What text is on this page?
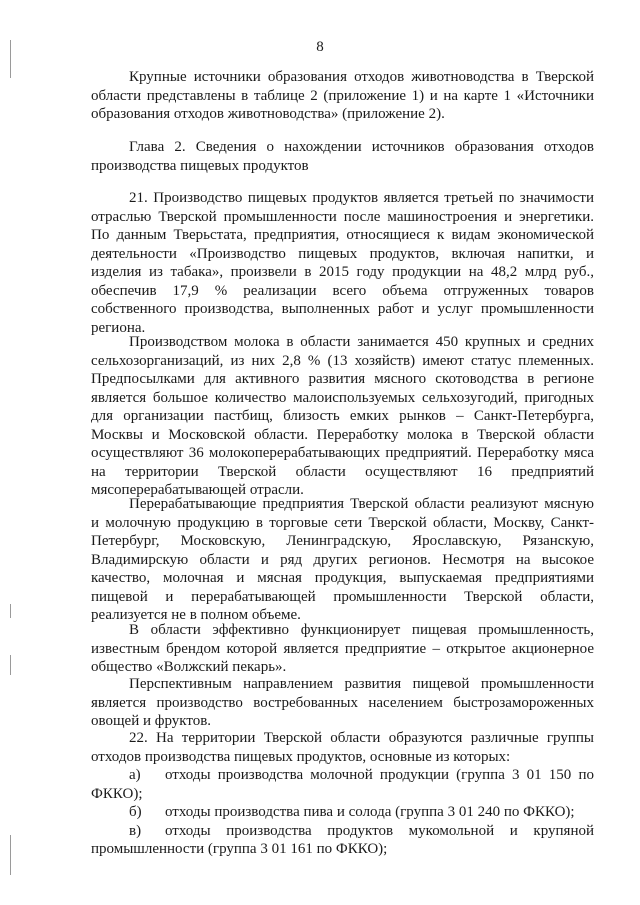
8
Крупные источники образования отходов животноводства в Тверской
области представлены в таблице 2 (приложение 1) и на карте 1 «Источники
образования отходов животноводства» (приложение 2).
Глава 2. Сведения о нахождении источников образования отходов
производства пищевых продуктов
21. Производство пищевых продуктов является третьей по значимости
отраслью Тверской промышленности после машиностроения и энергетики.
По данным Тверьстата, предприятия, относящиеся к видам экономической
деятельности «Производство пищевых продуктов, включая напитки, и
изделия из табака», произвели в 2015 году продукции на 48,2 млрд руб.,
обеспечив 17,9 % реализации всего объема отгруженных товаров
собственного производства, выполненных работ и услуг промышленности
региона.
Производством молока в области занимается 450 крупных и средних
сельхозорганизаций, из них 2,8 % (13 хозяйств) имеют статус племенных.
Предпосылками для активного развития мясного скотоводства в регионе
является большое количество малоиспользуемых сельхозугодий, пригодных
для организации пастбищ, близость емких рынков – Санкт-Петербурга,
Москвы и Московской области. Переработку молока в Тверской области
осуществляют 36 молокоперерабатывающих предприятий. Переработку мяса
на территории Тверской области осуществляют 16 предприятий
мясоперерабатывающей отрасли.
Перерабатывающие предприятия Тверской области реализуют мясную
и молочную продукцию в торговые сети Тверской области, Москву, Санкт-
Петербург, Московскую, Ленинградскую, Ярославскую, Рязанскую,
Владимирскую области и ряд других регионов. Несмотря на высокое
качество, молочная и мясная продукция, выпускаемая предприятиями
пищевой и перерабатывающей промышленности Тверской области,
реализуется не в полном объеме.
В области эффективно функционирует пищевая промышленность,
известным брендом которой является предприятие – открытое акционерное
общество «Волжский пекарь».
Перспективным направлением развития пищевой промышленности
является производство востребованных населением быстрозамороженных
овощей и фруктов.
22. На территории Тверской области образуются различные группы
отходов производства пищевых продуктов, основные из которых:
а)	отходы производства молочной продукции (группа 3 01 150 по
ФККО);
б)	отходы производства пива и солода (группа 3 01 240 по ФККО);
в)	отходы производства продуктов мукомольной и крупяной
промышленности (группа 3 01 161 по ФККО);
